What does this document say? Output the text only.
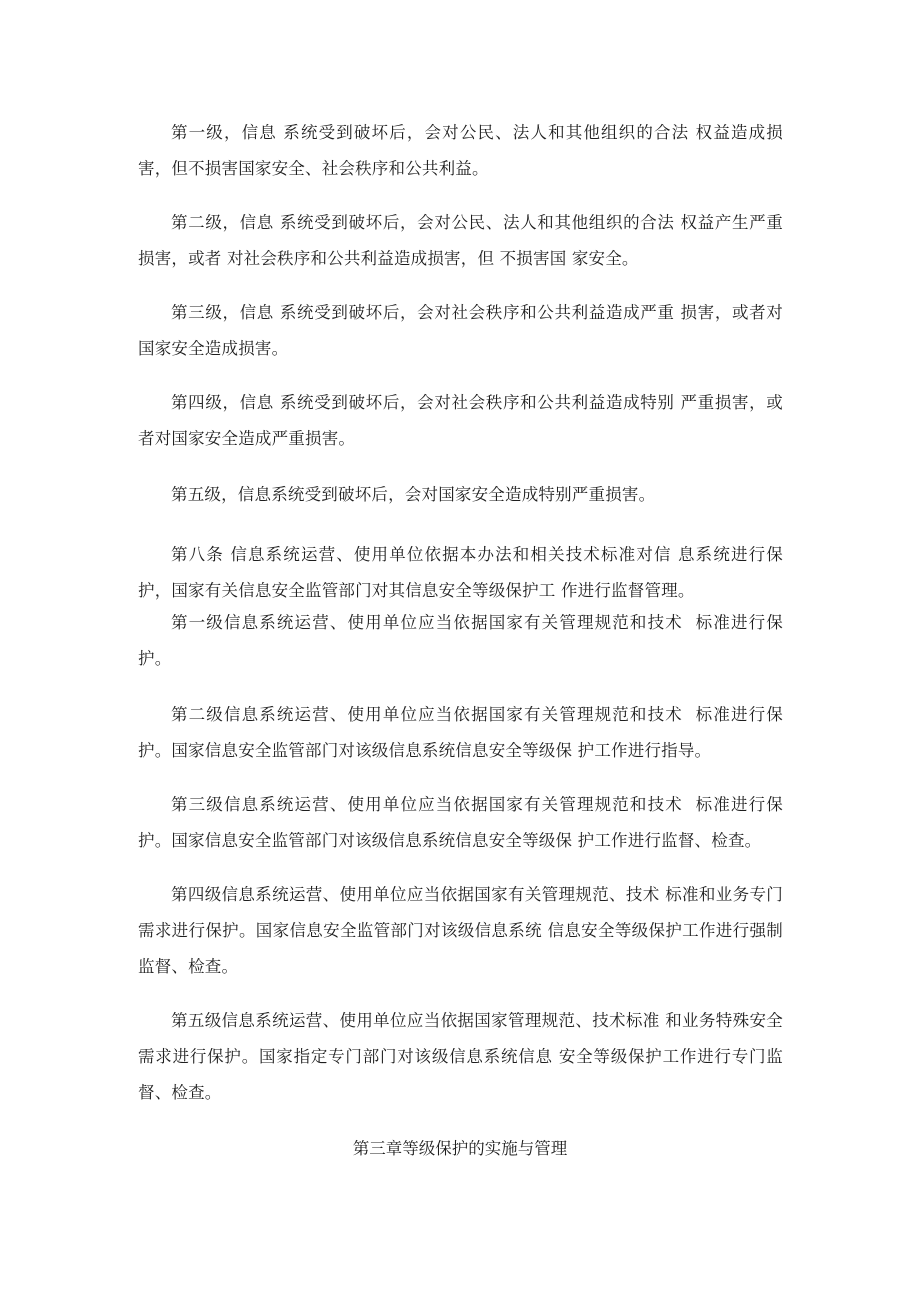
第一级，信息 系统受到破坏后，会对公民、法人和其他组织的合法 权益造成损害，但不损害国家安全、社会秩序和公共利益。

第二级，信息 系统受到破坏后，会对公民、法人和其他组织的合法 权益产生严重损害，或者 对社会秩序和公共利益造成损害，但 不损害国 家安全。

第三级，信息 系统受到破坏后，会对社会秩序和公共利益造成严重 损害，或者对国家安全造成损害。

第四级，信息 系统受到破坏后，会对社会秩序和公共利益造成特别 严重损害，或者对国家安全造成严重损害。

第五级，信息系统受到破坏后，会对国家安全造成特别严重损害。

第八条 信息系统运营、使用单位依据本办法和相关技术标准对信 息系统进行保护，国家有关信息安全监管部门对其信息安全等级保护工 作进行监督管理。

第一级信息系统运营、使用单位应当依据国家有关管理规范和技术  标准进行保护。

第二级信息系统运营、使用单位应当依据国家有关管理规范和技术  标准进行保护。国家信息安全监管部门对该级信息系统信息安全等级保 护工作进行指导。

第三级信息系统运营、使用单位应当依据国家有关管理规范和技术  标准进行保护。国家信息安全监管部门对该级信息系统信息安全等级保 护工作进行监督、检查。

第四级信息系统运营、使用单位应当依据国家有关管理规范、技术 标准和业务专门需求进行保护。国家信息安全监管部门对该级信息系统 信息安全等级保护工作进行强制监督、检查。

第五级信息系统运营、使用单位应当依据国家管理规范、技术标准 和业务特殊安全需求进行保护。国家指定专门部门对该级信息系统信息 安全等级保护工作进行专门监督、检查。

第三章等级保护的实施与管理
